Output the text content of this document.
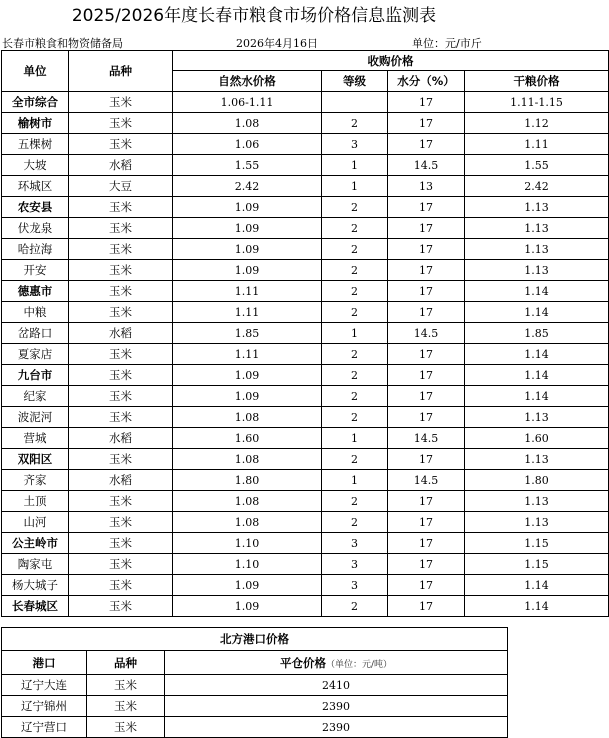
2025/2026年度长春市粮食市场价格信息监测表
长春市粮食和物资储备局	2026年4月16日	单位：元/市斤
单位	品种	收购价格			
		自然水价格	等级	水分（%）	干粮价格
全市综合	玉米	1.06-1.11		17	1.11-1.15
榆树市	玉米	1.08	2	17	1.12
五棵树	玉米	1.06	3	17	1.11
大坡	水稻	1.55	1	14.5	1.55
环城区	大豆	2.42	1	13	2.42
农安县	玉米	1.09	2	17	1.13
伏龙泉	玉米	1.09	2	17	1.13
哈拉海	玉米	1.09	2	17	1.13
开安	玉米	1.09	2	17	1.13
德惠市	玉米	1.11	2	17	1.14
中粮	玉米	1.11	2	17	1.14
岔路口	水稻	1.85	1	14.5	1.85
夏家店	玉米	1.11	2	17	1.14
九台市	玉米	1.09	2	17	1.14
纪家	玉米	1.09	2	17	1.14
波泥河	玉米	1.08	2	17	1.13
营城	水稻	1.60	1	14.5	1.60
双阳区	玉米	1.08	2	17	1.13
齐家	水稻	1.80	1	14.5	1.80
土顶	玉米	1.08	2	17	1.13
山河	玉米	1.08	2	17	1.13
公主岭市	玉米	1.10	3	17	1.15
陶家屯	玉米	1.10	3	17	1.15
杨大城子	玉米	1.09	3	17	1.14
长春城区	玉米	1.09	2	17	1.14
北方港口价格		
港口	品种	平仓价格（单位：元/吨）
辽宁大连	玉米	2410
辽宁锦州	玉米	2390
辽宁营口	玉米	2390
